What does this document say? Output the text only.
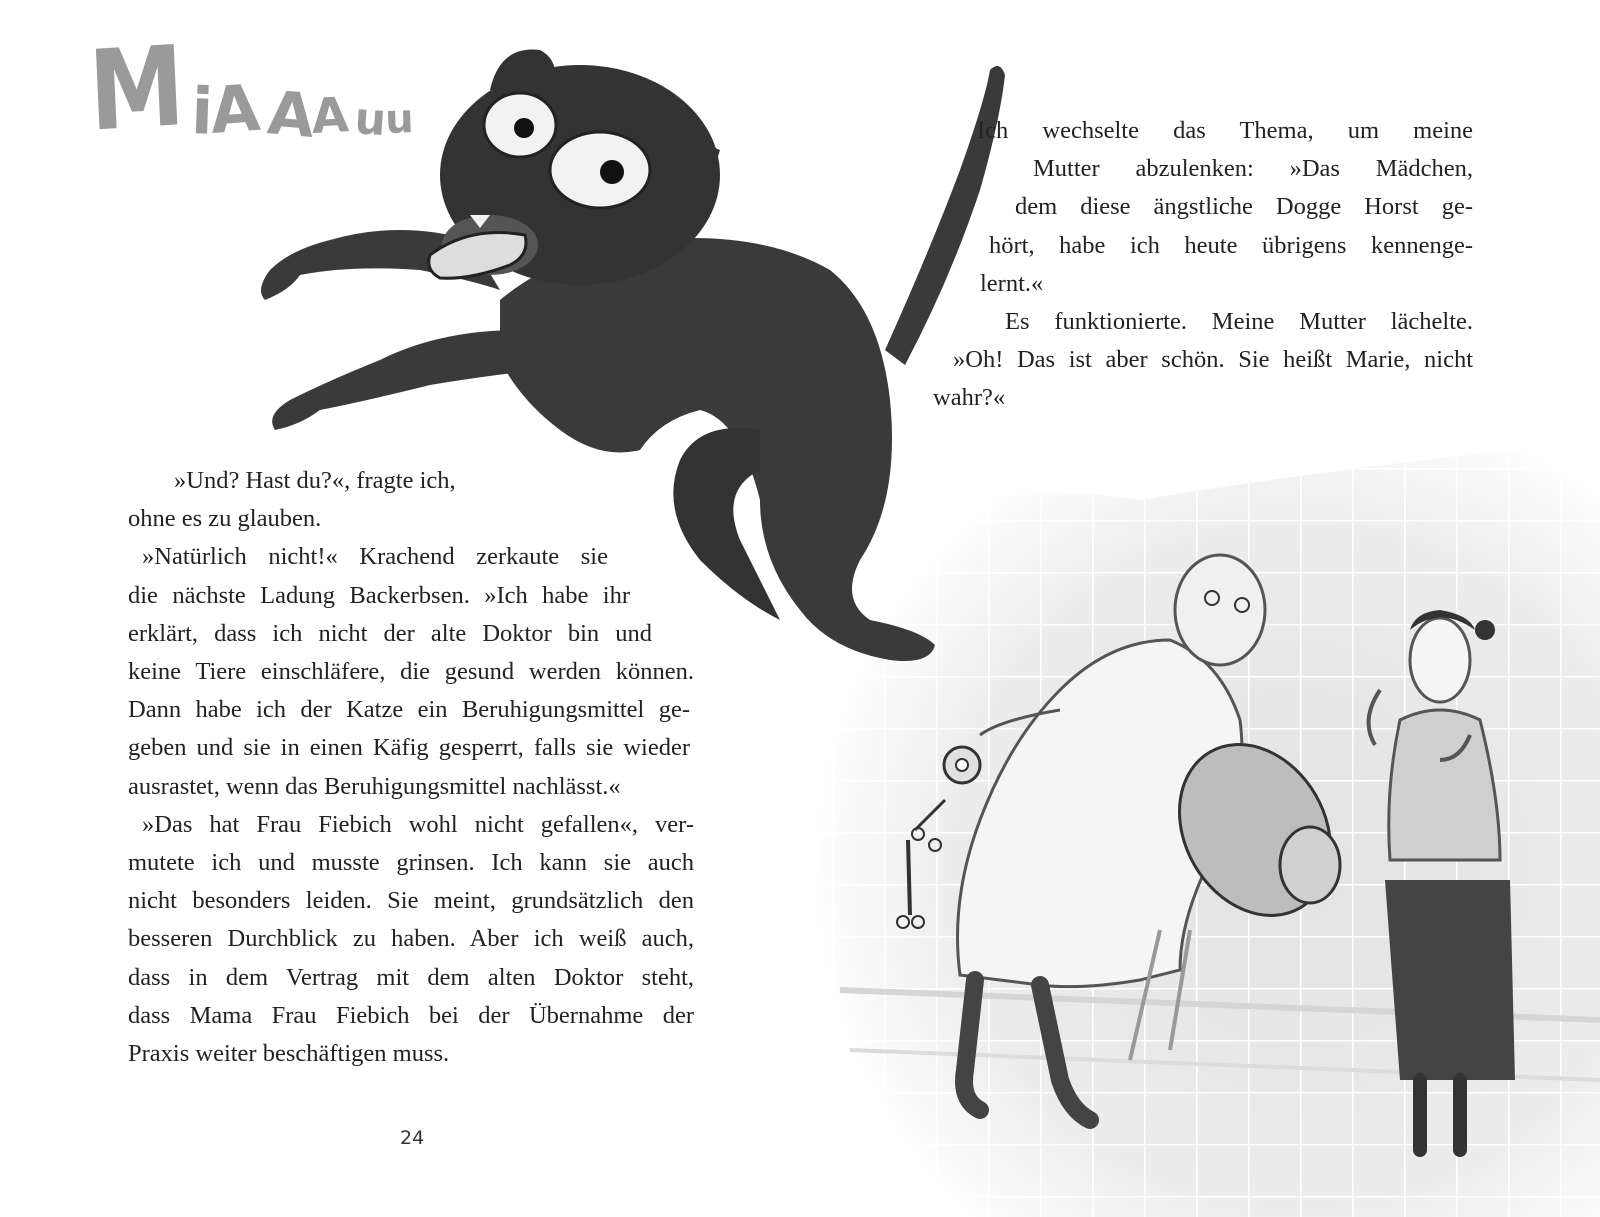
MiAAAuu	Ich wechselte das Thema, um meine
Mutter abzulenken: »Das Mädchen,
dem diese ängstliche Dogge Horst ge-
hört, habe ich heute übrigens kennenge-
lernt.«
Es funktionierte. Meine Mutter lächelte.
»Oh! Das ist aber schön. Sie heißt Marie, nicht
wahr?«
»Und? Hast du?«, fragte ich,
ohne es zu glauben.
»Natürlich nicht!« Krachend zerkaute sie
die nächste Ladung Backerbsen. »Ich habe ihr
erklärt, dass ich nicht der alte Doktor bin und
keine Tiere einschläfere, die gesund werden können.
Dann habe ich der Katze ein Beruhigungsmittel ge-
geben und sie in einen Käfig gesperrt, falls sie wieder
ausrastet, wenn das Beruhigungsmittel nachlässt.«
»Das hat Frau Fiebich wohl nicht gefallen«, ver-
mutete ich und musste grinsen. Ich kann sie auch
nicht besonders leiden. Sie meint, grundsätzlich den
besseren Durchblick zu haben. Aber ich weiß auch,
dass in dem Vertrag mit dem alten Doktor steht,
dass Mama Frau Fiebich bei der Übernahme der
Praxis weiter beschäftigen muss.
24
